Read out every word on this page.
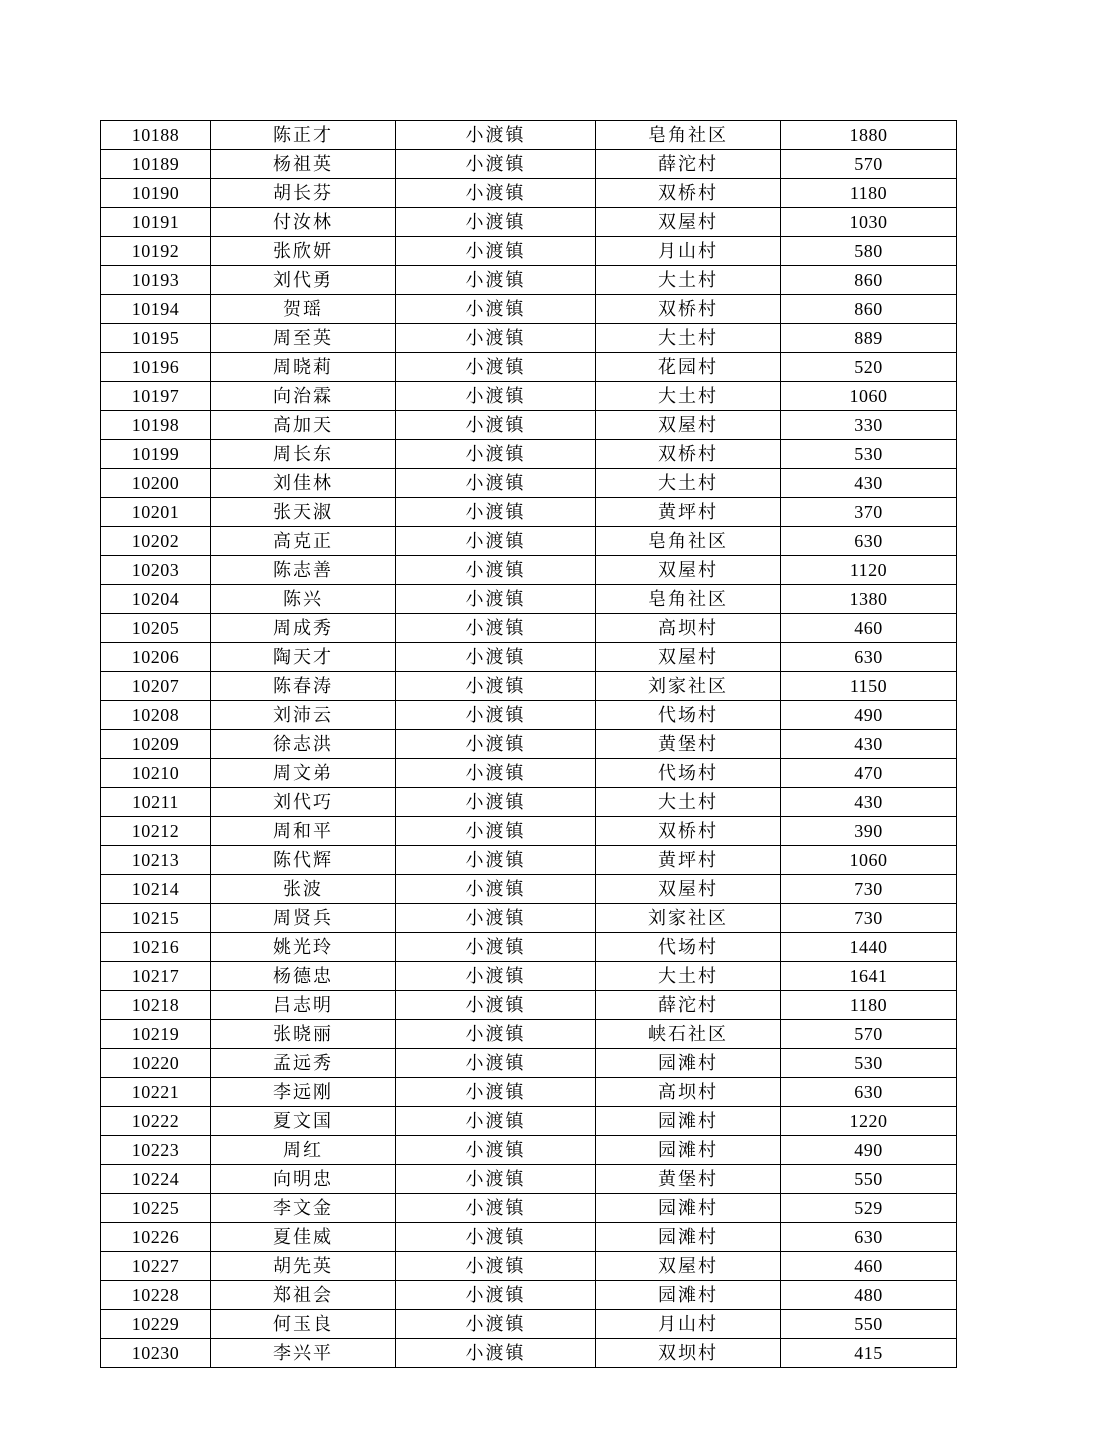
10188	陈正才	小渡镇	皂角社区	1880
10189	杨祖英	小渡镇	薛沱村	570
10190	胡长芬	小渡镇	双桥村	1180
10191	付汝林	小渡镇	双屋村	1030
10192	张欣妍	小渡镇	月山村	580
10193	刘代勇	小渡镇	大土村	860
10194	贺瑶	小渡镇	双桥村	860
10195	周至英	小渡镇	大土村	889
10196	周晓莉	小渡镇	花园村	520
10197	向治霖	小渡镇	大土村	1060
10198	高加天	小渡镇	双屋村	330
10199	周长东	小渡镇	双桥村	530
10200	刘佳林	小渡镇	大土村	430
10201	张天淑	小渡镇	黄坪村	370
10202	高克正	小渡镇	皂角社区	630
10203	陈志善	小渡镇	双屋村	1120
10204	陈兴	小渡镇	皂角社区	1380
10205	周成秀	小渡镇	高坝村	460
10206	陶天才	小渡镇	双屋村	630
10207	陈春涛	小渡镇	刘家社区	1150
10208	刘沛云	小渡镇	代场村	490
10209	徐志洪	小渡镇	黄堡村	430
10210	周文弟	小渡镇	代场村	470
10211	刘代巧	小渡镇	大土村	430
10212	周和平	小渡镇	双桥村	390
10213	陈代辉	小渡镇	黄坪村	1060
10214	张波	小渡镇	双屋村	730
10215	周贤兵	小渡镇	刘家社区	730
10216	姚光玲	小渡镇	代场村	1440
10217	杨德忠	小渡镇	大土村	1641
10218	吕志明	小渡镇	薛沱村	1180
10219	张晓丽	小渡镇	峡石社区	570
10220	孟远秀	小渡镇	园滩村	530
10221	李远刚	小渡镇	高坝村	630
10222	夏文国	小渡镇	园滩村	1220
10223	周红	小渡镇	园滩村	490
10224	向明忠	小渡镇	黄堡村	550
10225	李文金	小渡镇	园滩村	529
10226	夏佳威	小渡镇	园滩村	630
10227	胡先英	小渡镇	双屋村	460
10228	郑祖会	小渡镇	园滩村	480
10229	何玉良	小渡镇	月山村	550
10230	李兴平	小渡镇	双坝村	415
